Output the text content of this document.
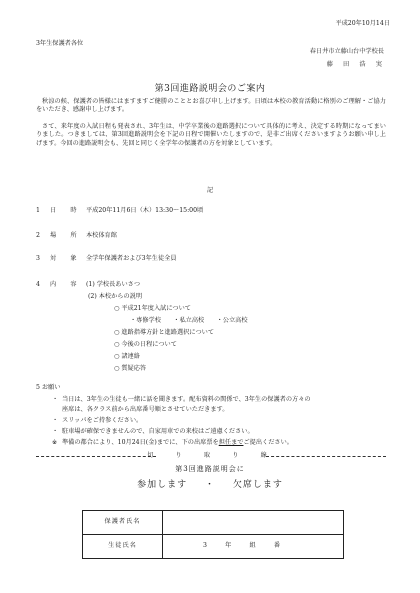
平成20年10月14日
3年生保護者各位
春日井市立藤山台中学校長
藤　田　浩　実
第3回進路説明会のご案内
秋涼の候、保護者の皆様にはますますご健勝のこととお喜び申し上げます。日頃は本校の教育活動に格別のご理解・ご協力をいただき、感謝申し上げます。
さて、来年度の入試日程も発表され、3年生は、中学卒業後の進路選択について具体的に考え、決定する時期になってまいりました。つきましては、第3回進路説明会を下記の日程で開催いたしますので、是非ご出席くださいますようお願い申し上げます。今回の進路説明会も、先回と同じく全学年の保護者の方を対象としています。
記
1 日　時 平成20年11月6日（木）13:30～15:00頃
2 場　所 本校体育館
3 対　象 全学年保護者および3年生徒全員
4 内　容 (1) 学校長あいさつ
(2) 本校からの説明
○ 平成21年度入試について
・専修学校　　・私立高校　　・公立高校
○ 進路指導方針と進路選択について
○ 今後の日程について
○ 諸連絡
○ 質疑応答
5 お願い
・ 当日は、3年生の生徒も一緒に話を聞きます。配布資料の関係で、3年生の保護者の方々の
座席は、各クラス前から出席番号順とさせていただきます。
・ スリッパをご持参ください。
・ 駐車場が確保できませんので、自家用車での来校はご遠慮ください。
※ 準備の都合により、10月24日(金)までに、下の出席票を担任までご提出ください。
切　り　取　り　線
第3回進路説明会に
参加します ・ 欠席します
保護者氏名	
生徒氏名	3　年　組　番
